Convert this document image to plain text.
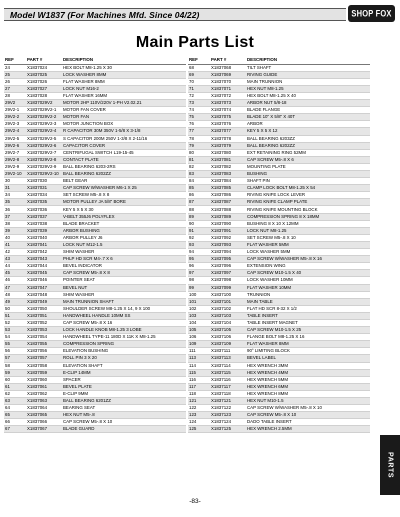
Model W1837 (For Machines Mfd. Since 04/22)	SHOP FOX
Main Parts List
REF	PART #	DESCRIPTION
24	X1837024	HEX BOLT M8-1.25 X 30
25	X1837025	LOCK WASHER 8MM
26	X1837026	FLAT WASHER 8MM
27	X1837027	LOCK NUT M16-2
28	X1837028	FLAT WASHER 16MM
29V2	X1837029V2	MOTOR 2HP 110V/220V 1-PH V2.02.21
29V2-1	X1837029V2-1	MOTOR FAN COVER
29V2-2	X1837029V2-2	MOTOR FAN
29V2-3	X1837029V2-3	MOTOR JUNCTION BOX
29V2-4	X1837029V2-4	R CAPACITOR 30M 350V 1-5/8 X 3-1/8
29V2-5	X1837029V2-5	S CAPACITOR 200M 250V 1-3/8 X 2-11/16
29V2-6	X1837029V2-6	CAPACITOR COVER
29V2-7	X1837029V2-7	CENTRIFUGAL SWITCH L19-15-45
29V2-8	X1837029V2-8	CONTACT PLATE
29V2-9	X1837029V2-9	BALL BEARING 6203-2RS
29V2-10	X1837029V2-10	BALL BEARING 6202ZZ
30	X1837030	BELT GEAR
31	X1837031	CAP SCREW W/WASHER M6-1 X 25
34	X1837034	SET SCREW M5-.8 X 8
35	X1837035	MOTOR PULLEY JA 5/8" BORE
36	X1837036	KEY 5 X 5 X 30
37	X1837037	V-BELT 355J6 POLYFLEX
38	X1837038	BLADE BRACKET
39	X1837039	ARBOR BUSHING
40	X1837040	ARBOR PULLEY J6
41	X1837041	LOCK NUT M12-1.5
42	X1837042	SHIM WASHER
43	X1837043	PHLP HD SCR M4-.7 X 6
44	X1837044	BEVEL INDICATOR
45	X1837045	CAP SCREW M5-.8 X 8
46	X1837046	POINTER SEAT
47	X1837047	BEVEL NUT
48	X1837048	SHIM WASHER
49	X1837049	MAIN TRUNNION SHAFT
50	X1837050	SHOULDER SCREW M8-1.25 X 14, 9 X 100
51	X1837051	HANDWHEEL HANDLE 10MM SS
52	X1837052	CAP SCREW M5-.8 X 16
53	X1837053	LOCK HANDLE KNOB M8-1.25 3 LOBE
54	X1837054	HANDWHEEL TYPE-11 180D X 11K X M8-1.25
55	X1837055	COMPRESSION SPRING
56	X1837056	ELEVATION BUSHING
57	X1837057	ROLL PIN 3 X 20
58	X1837058	ELEVATION SHAFT
59	X1837059	E-CLIP 14MM
60	X1837060	SPACER
61	X1837061	BEVEL PLATE
62	X1837062	E-CLIP 9MM
63	X1837063	BALL BEARING 6201ZZ
64	X1837064	BEARING SEAT
65	X1837065	HEX NUT M5-.8
66	X1837066	CAP SCREW M5-.8 X 10
67	X1837067	BLADE GUARD
REF	PART #	DESCRIPTION
68	X1837068	TILT SHAFT
69	X1837069	RIVING GUIDE
70	X1837070	MAIN TRUNNION
71	X1837071	HEX NUT M8-1.25
72	X1837072	HEX BOLT M8-1.25 X 40
73	X1837073	ARBOR NUT 5/8-18
74	X1837074	BLADE FLANGE
75	X1837075	BLADE 10" X 5/8" X 40T
76	X1837076	ARBOR
77	X1837077	KEY 5 X 5 X 12
78	X1837078	BALL BEARING 6203ZZ
79	X1837079	BALL BEARING 6202ZZ
80	X1837080	EXT RETAINING RING 52MM
81	X1837081	CAP SCREW M5-.8 X 6
82	X1837082	MOUNTING PLATE
83	X1837083	BUSHING
84	X1837084	SHAFT PIN
85	X1837085	CLAMP LOCK BOLT M8-1.25 X 54
86	X1837086	RIVING KNIFE LOCK LEVER
87	X1837087	RIVING KNIFE CLAMP PLATE
88	X1837088	RIVING KNIFE MOUNTING BLOCK
89	X1837089	COMPRESSION SPRING 8 X 18MM
90	X1837090	BUSHING 8 X 10 X 12MM
91	X1837091	LOCK NUT M8-1.25
92	X1837092	SET SCREW M5-.8 X 10
93	X1837093	FLAT WASHER 5MM
94	X1837094	LOCK WASHER 5MM
95	X1837095	CAP SCREW W/WASHER M5-.8 X 16
96	X1837096	EXTENSION WING
97	X1837097	CAP SCREW M10-1.5 X 40
98	X1837098	LOCK WASHER 10MM
99	X1837099	FLAT WASHER 10MM
100	X1837100	TRUNNION
101	X1837101	MAIN TABLE
102	X1837102	FLAT HD SCR 8-32 X 1/2
103	X1837103	TABLE INSERT
104	X1837104	TABLE INSERT MAGNET
105	X1837105	CAP SCREW M10-1.5 X 25
106	X1837106	FLANGE BOLT M8-1.25 X 16
109	X1837109	FLAT WASHER 8MM
111	X1837111	90° LIMITING BLOCK
113	X1837113	BEVEL LABEL
114	X1837114	HEX WRENCH 3MM
115	X1837115	HEX WRENCH 4MM
116	X1837116	HEX WRENCH 5MM
117	X1837117	HEX WRENCH 6MM
118	X1837118	HEX WRENCH 8MM
121	X1837121	HEX NUT M10-1.5
122	X1837122	CAP SCREW W/WASHER M5-.8 X 10
123	X1837123	CAP SCREW M5-.8 X 10
124	X1837124	DADO TABLE INSERT
125	X1837125	HEX WRENCH 2.5MM
PARTS
-83-
